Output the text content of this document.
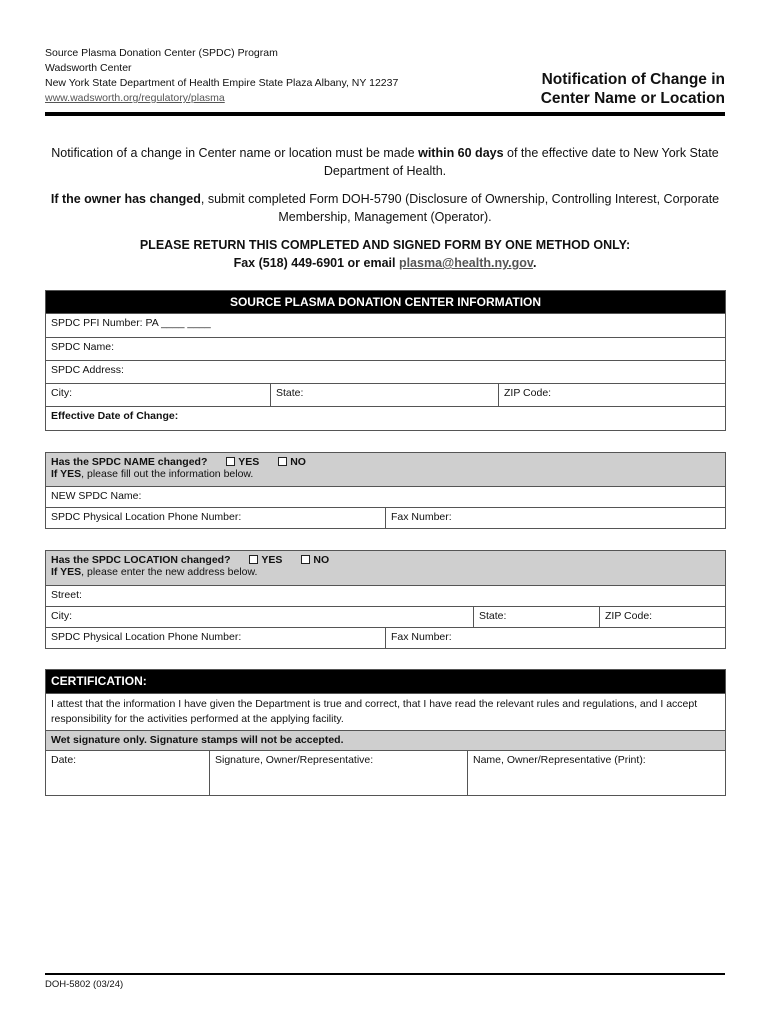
Source Plasma Donation Center (SPDC) Program
Wadsworth Center
New York State Department of Health Empire State Plaza Albany, NY 12237
www.wadsworth.org/regulatory/plasma
Notification of Change in
Center Name or Location

Notification of a change in Center name or location must be made within 60 days of the effective date to New York State Department of Health.

If the owner has changed, submit completed Form DOH-5790 (Disclosure of Ownership, Controlling Interest, Corporate Membership, Management (Operator).

PLEASE RETURN THIS COMPLETED AND SIGNED FORM BY ONE METHOD ONLY:
Fax (518) 449-6901 or email plasma@health.ny.gov.
SOURCE PLASMA DONATION CENTER INFORMATION
SPDC PFI Number: PA ____ ____
SPDC Name:
SPDC Address:
City:	State:	ZIP Code:
Effective Date of Change:
Has the SPDC NAME changed?	YES	NO
If YES, please fill out the information below.

NEW SPDC Name:
SPDC Physical Location Phone Number:	Fax Number:
Has the SPDC LOCATION changed? YES NO
If YES, please enter the new address below.			

Street:			
City:		State:	ZIP Code:
SPDC Physical Location Phone Number:	Fax Number:		
CERTIFICATION:
I attest that the information I have given the Department is true and correct, that I have read the relevant rules and regulations, and I accept responsibility for the activities performed at the applying facility.
Wet signature only. Signature stamps will not be accepted.
Date:	Signature, Owner/Representative:	Name, Owner/Representative (Print):
DOH-5802 (03/24)
